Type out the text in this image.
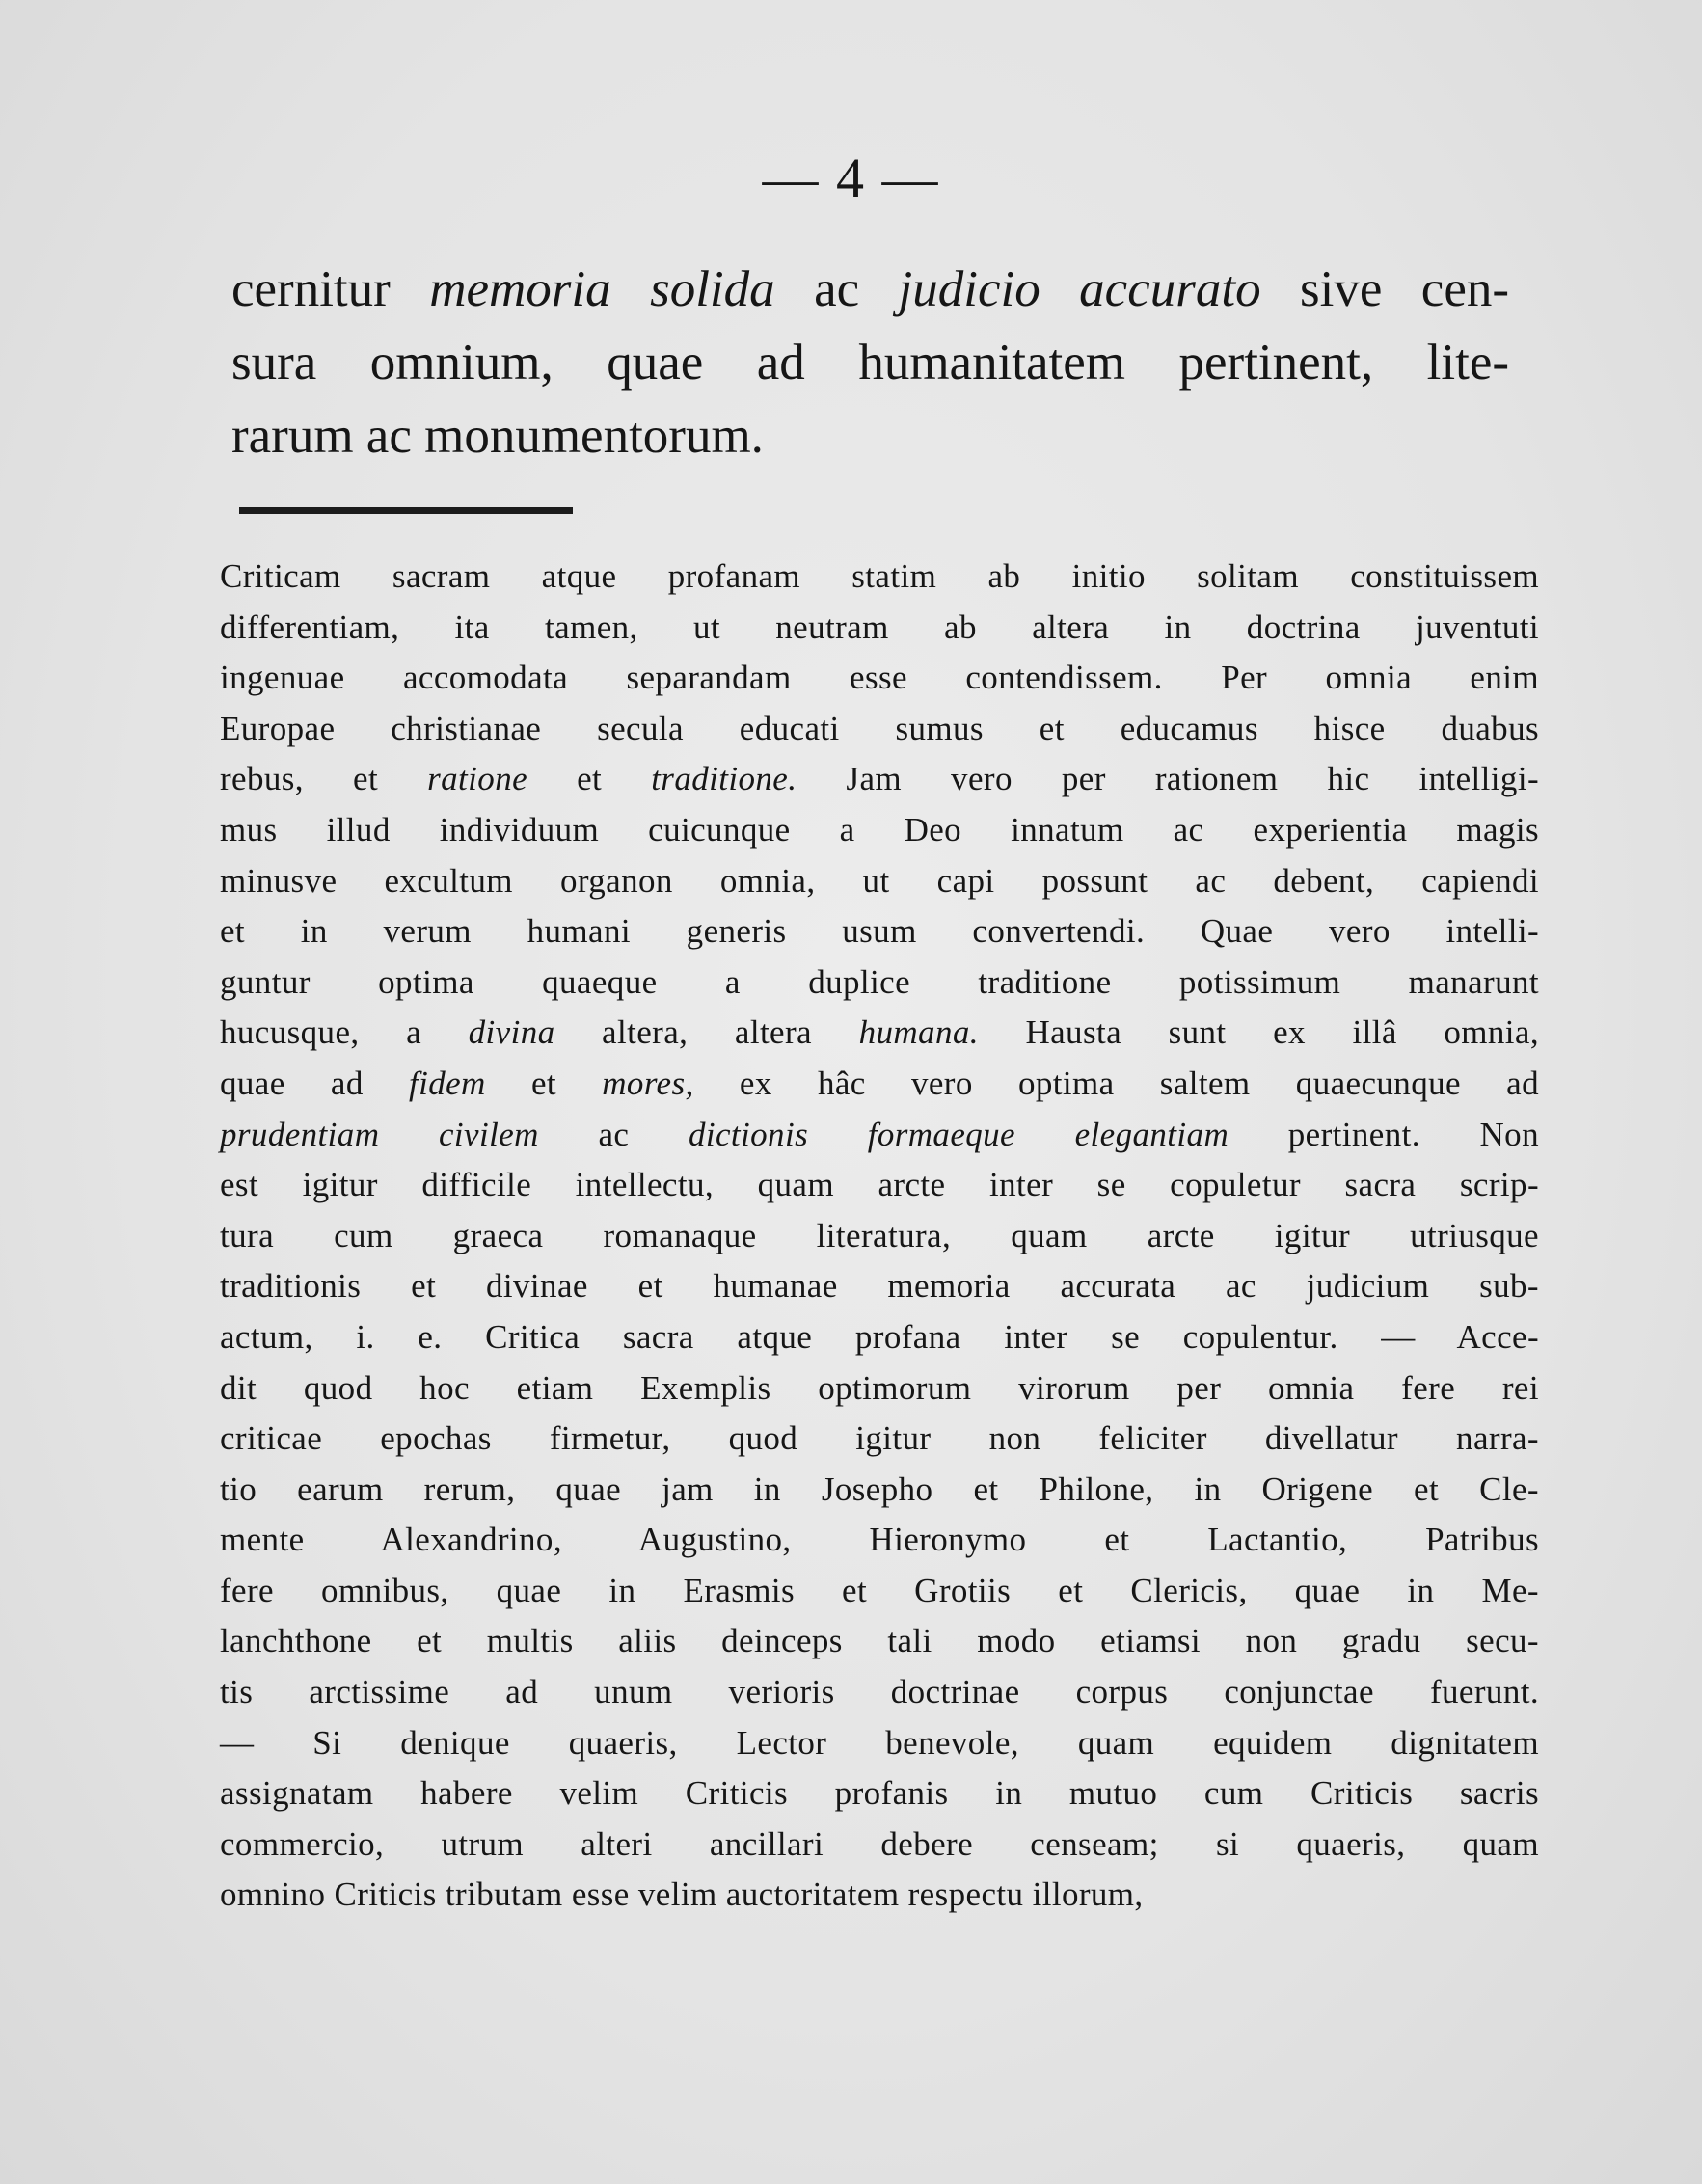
— 4 —
cernitur memoria solida ac judicio accurato sive cen-
sura omnium, quae ad humanitatem pertinent, lite-
rarum ac monumentorum.
Criticam sacram atque profanam statim ab initio solitam constituissem
differentiam, ita tamen, ut neutram ab altera in doctrina juventuti
ingenuae accomodata separandam esse contendissem. Per omnia enim
Europae christianae secula educati sumus et educamus hisce duabus
rebus, et ratione et traditione. Jam vero per rationem hic intelligi-
mus illud individuum cuicunque a Deo innatum ac experientia magis
minusve excultum organon omnia, ut capi possunt ac debent, capiendi
et in verum humani generis usum convertendi. Quae vero intelli-
guntur optima quaeque a duplice traditione potissimum manarunt
hucusque, a divina altera, altera humana. Hausta sunt ex illâ omnia,
quae ad fidem et mores, ex hâc vero optima saltem quaecunque ad
prudentiam civilem ac dictionis formaeque elegantiam pertinent. Non
est igitur difficile intellectu, quam arcte inter se copuletur sacra scrip-
tura cum graeca romanaque literatura, quam arcte igitur utriusque
traditionis et divinae et humanae memoria accurata ac judicium sub-
actum, i. e. Critica sacra atque profana inter se copulentur. — Acce-
dit quod hoc etiam Exemplis optimorum virorum per omnia fere rei
criticae epochas firmetur, quod igitur non feliciter divellatur narra-
tio earum rerum, quae jam in Josepho et Philone, in Origene et Cle-
mente Alexandrino, Augustino, Hieronymo et Lactantio, Patribus
fere omnibus, quae in Erasmis et Grotiis et Clericis, quae in Me-
lanchthone et multis aliis deinceps tali modo etiamsi non gradu secu-
tis arctissime ad unum verioris doctrinae corpus conjunctae fuerunt.
— Si denique quaeris, Lector benevole, quam equidem dignitatem
assignatam habere velim Criticis profanis in mutuo cum Criticis sacris
commercio, utrum alteri ancillari debere censeam; si quaeris, quam
omnino Criticis tributam esse velim auctoritatem respectu illorum,
